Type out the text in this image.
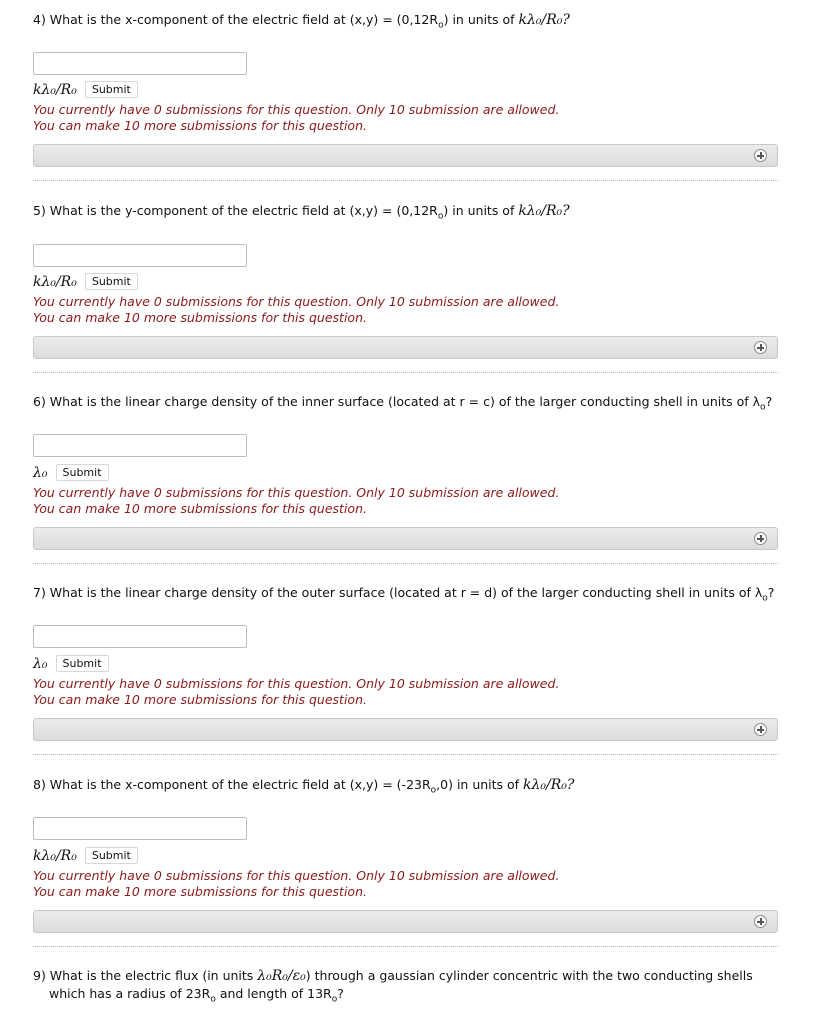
4) What is the x-component of the electric field at $(x,y) = (0,12R_o)$ in units of kλ₀/R₀?
kλ₀/R₀	Submit
You currently have 0 submissions for this question. Only 10 submission are allowed.
You can make 10 more submissions for this question.
5) What is the y-component of the electric field at $(x,y) = (0,12R_o)$ in units of kλ₀/R₀?
kλ₀/R₀	Submit
You currently have 0 submissions for this question. Only 10 submission are allowed.
You can make 10 more submissions for this question.
6) What is the linear charge density of the inner surface (located at r = c) of the larger conducting shell in units of $\lambda_o$?
λ₀	Submit
You currently have 0 submissions for this question. Only 10 submission are allowed.
You can make 10 more submissions for this question.
7) What is the linear charge density of the outer surface (located at r = d) of the larger conducting shell in units of $\lambda_o$?
λ₀	Submit
You currently have 0 submissions for this question. Only 10 submission are allowed.
You can make 10 more submissions for this question.
8) What is the x-component of the electric field at $(x,y) = (-23R_o,0)$ in units of kλ₀/R₀?
kλ₀/R₀	Submit
You currently have 0 submissions for this question. Only 10 submission are allowed.
You can make 10 more submissions for this question.
9) What is the electric flux (in units λ₀R₀/ε₀) through a gaussian cylinder concentric with the two conducting shells
which has a radius of $23R_o$ and length of $13R_o$?
